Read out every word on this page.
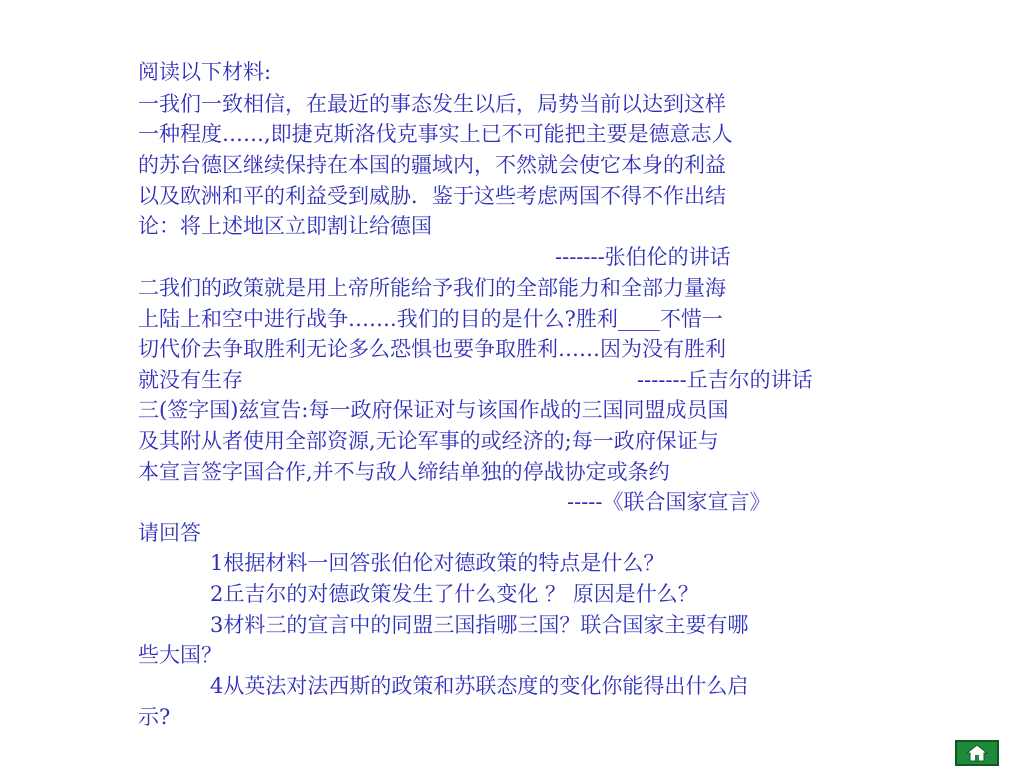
阅读以下材料:
一我们一致相信，在最近的事态发生以后，局势当前以达到这样
一种程度……,即捷克斯洛伐克事实上已不可能把主要是德意志人
的苏台德区继续保持在本国的疆域内，不然就会使它本身的利益
以及欧洲和平的利益受到威胁．鉴于这些考虑两国不得不作出结
论：将上述地区立即割让给德国
-------张伯伦的讲话
二我们的政策就是用上帝所能给予我们的全部能力和全部力量海
上陆上和空中进行战争…….我们的目的是什么?胜利____不惜一
切代价去争取胜利无论多么恐惧也要争取胜利……因为没有胜利
就没有生存	-------丘吉尔的讲话
三(签字国)兹宣告:每一政府保证对与该国作战的三国同盟成员国
及其附从者使用全部资源,无论军事的或经济的;每一政府保证与
本宣言签字国合作,并不与敌人缔结单独的停战协定或条约
-----《联合国家宣言》
请回答
1根据材料一回答张伯伦对德政策的特点是什么？
2丘吉尔的对德政策发生了什么变化 ？ 原因是什么？
3材料三的宣言中的同盟三国指哪三国？联合国家主要有哪
些大国？
4从英法对法西斯的政策和苏联态度的变化你能得出什么启
示?
